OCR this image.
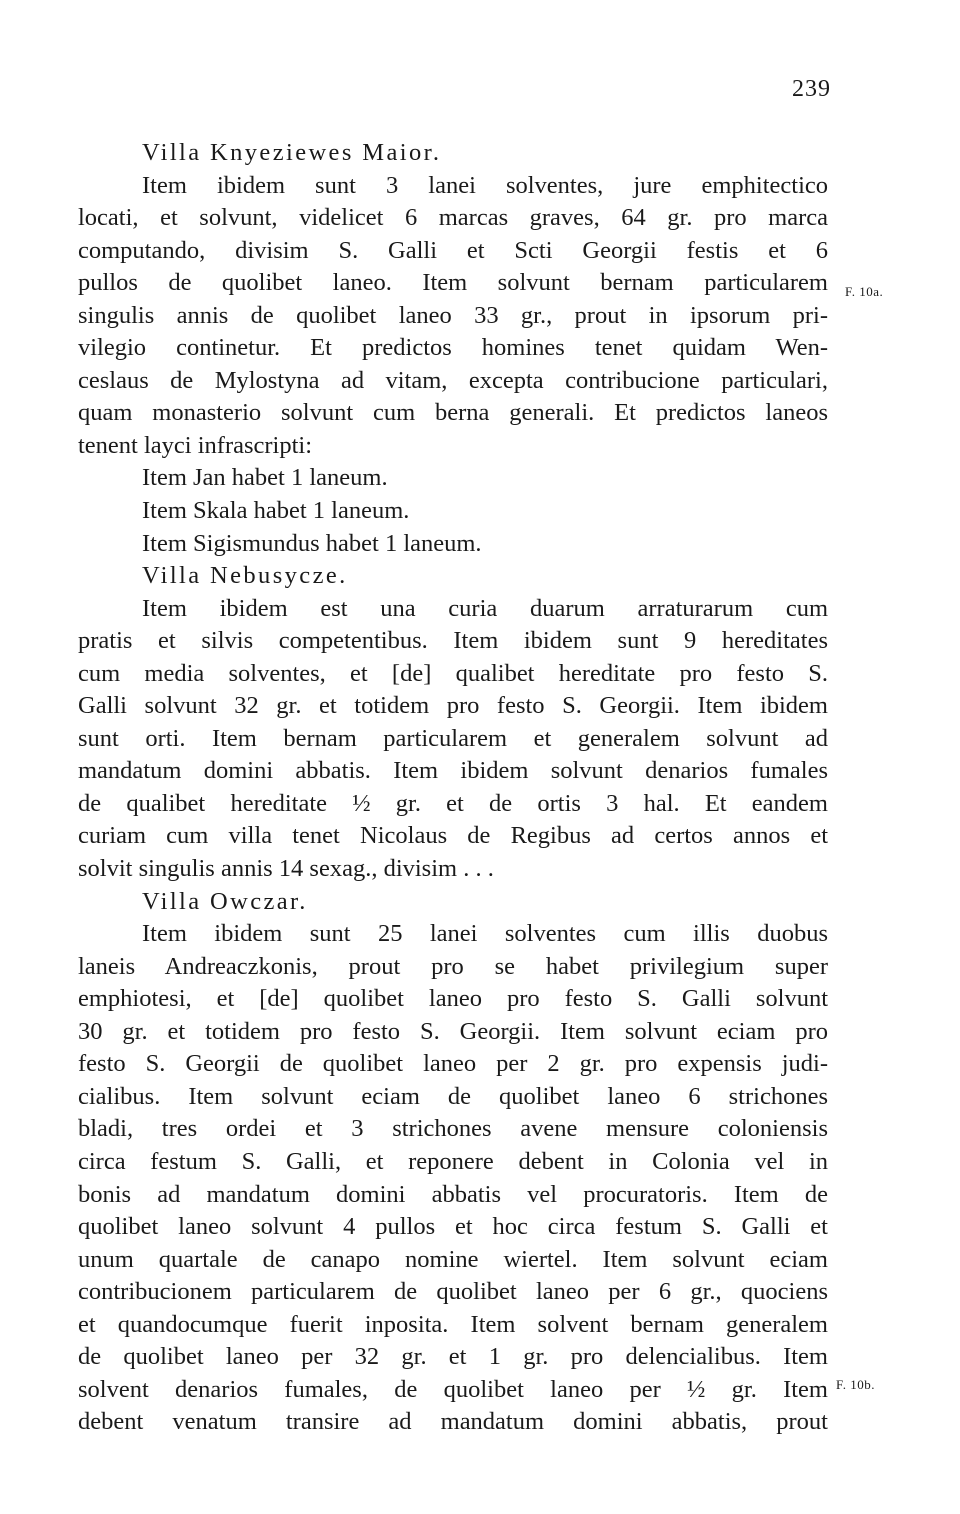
239
F. 10a.
F. 10b.
Villa Knyeziewes Maior.
Item ibidem sunt 3 lanei solventes, jure emphitectico
locati, et solvunt, videlicet 6 marcas graves, 64 gr. pro marca
computando, divisim S. Galli et Scti Georgii festis et 6
pullos de quolibet laneo. Item solvunt bernam particularem
singulis annis de quolibet laneo 33 gr., prout in ipsorum pri-
vilegio continetur. Et predictos homines tenet quidam Wen-
ceslaus de Mylostyna ad vitam, excepta contribucione particulari,
quam monasterio solvunt cum berna generali. Et predictos laneos
tenent layci infrascripti:
Item Jan habet 1 laneum.
Item Skala habet 1 laneum.
Item Sigismundus habet 1 laneum.
Villa Nebusycze.
Item ibidem est una curia duarum arraturarum cum
pratis et silvis competentibus. Item ibidem sunt 9 hereditates
cum media solventes, et [de] qualibet hereditate pro festo S.
Galli solvunt 32 gr. et totidem pro festo S. Georgii. Item ibidem
sunt orti. Item bernam particularem et generalem solvunt ad
mandatum domini abbatis. Item ibidem solvunt denarios fumales
de qualibet hereditate ½ gr. et de ortis 3 hal. Et eandem
curiam cum villa tenet Nicolaus de Regibus ad certos annos et
solvit singulis annis 14 sexag., divisim . . .
Villa Owczar.
Item ibidem sunt 25 lanei solventes cum illis duobus
laneis Andreaczkonis, prout pro se habet privilegium super
emphiotesi, et [de] quolibet laneo pro festo S. Galli solvunt
30 gr. et totidem pro festo S. Georgii. Item solvunt eciam pro
festo S. Georgii de quolibet laneo per 2 gr. pro expensis judi-
cialibus. Item solvunt eciam de quolibet laneo 6 strichones
bladi, tres ordei et 3 strichones avene mensure coloniensis
circa festum S. Galli, et reponere debent in Colonia vel in
bonis ad mandatum domini abbatis vel procuratoris. Item de
quolibet laneo solvunt 4 pullos et hoc circa festum S. Galli et
unum quartale de canapo nomine wiertel. Item solvunt eciam
contribucionem particularem de quolibet laneo per 6 gr., quociens
et quandocumque fuerit inposita. Item solvent bernam generalem
de quolibet laneo per 32 gr. et 1 gr. pro delencialibus. Item
solvent denarios fumales, de quolibet laneo per ½ gr. Item
debent venatum transire ad mandatum domini abbatis, prout
